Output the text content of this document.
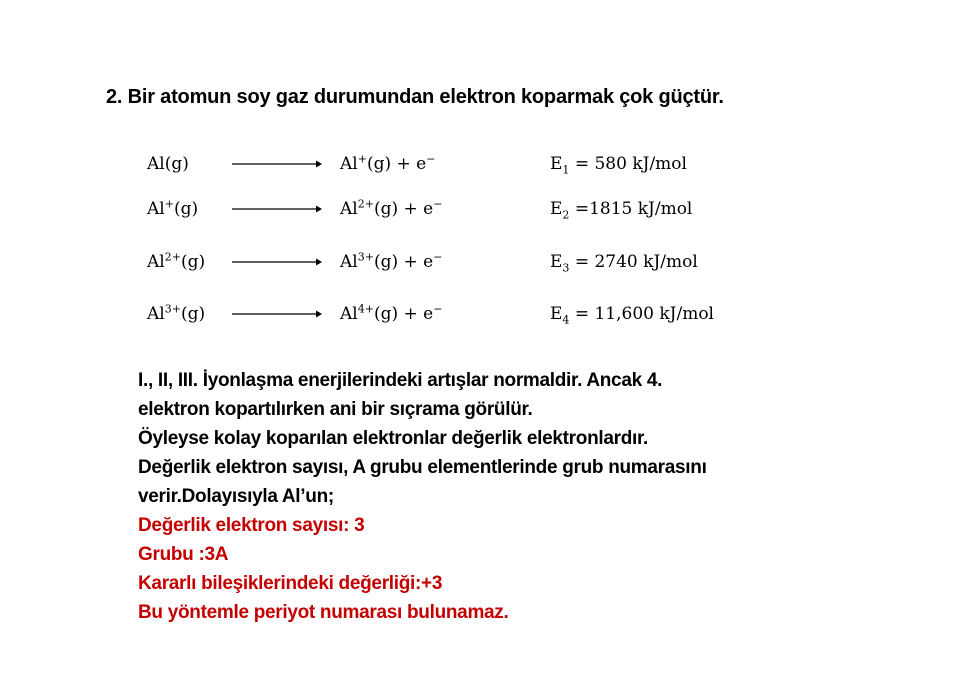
2. Bir atomun soy gaz durumundan elektron koparmak çok güçtür.
Al(g)	Al+(g) + e−	$E_1 = 580$ kJ/mol
Al+(g)	$Al^{2+}(g) + e^-$	$E_2 =1815$ kJ/mol
$Al^{2+}(g)$	$Al^{3+}(g) + e^-$	$E_3 = 2740$ kJ/mol
$Al^{3+}(g)$	$Al^{4+}(g) + e^-$	$E_4 = 11,600$ kJ/mol
I., II, III. İyonlaşma enerjilerindeki artışlar normaldir. Ancak 4.
elektron kopartılırken ani bir sıçrama görülür.
Öyleyse kolay koparılan elektronlar değerlik elektronlardır.
Değerlik elektron sayısı, A grubu elementlerinde grub numarasını
verir.Dolayısıyla Al’un;
Değerlik elektron sayısı: 3
Grubu :3A
Kararlı bileşiklerindeki değerliği:+3
Bu yöntemle periyot numarası bulunamaz.
